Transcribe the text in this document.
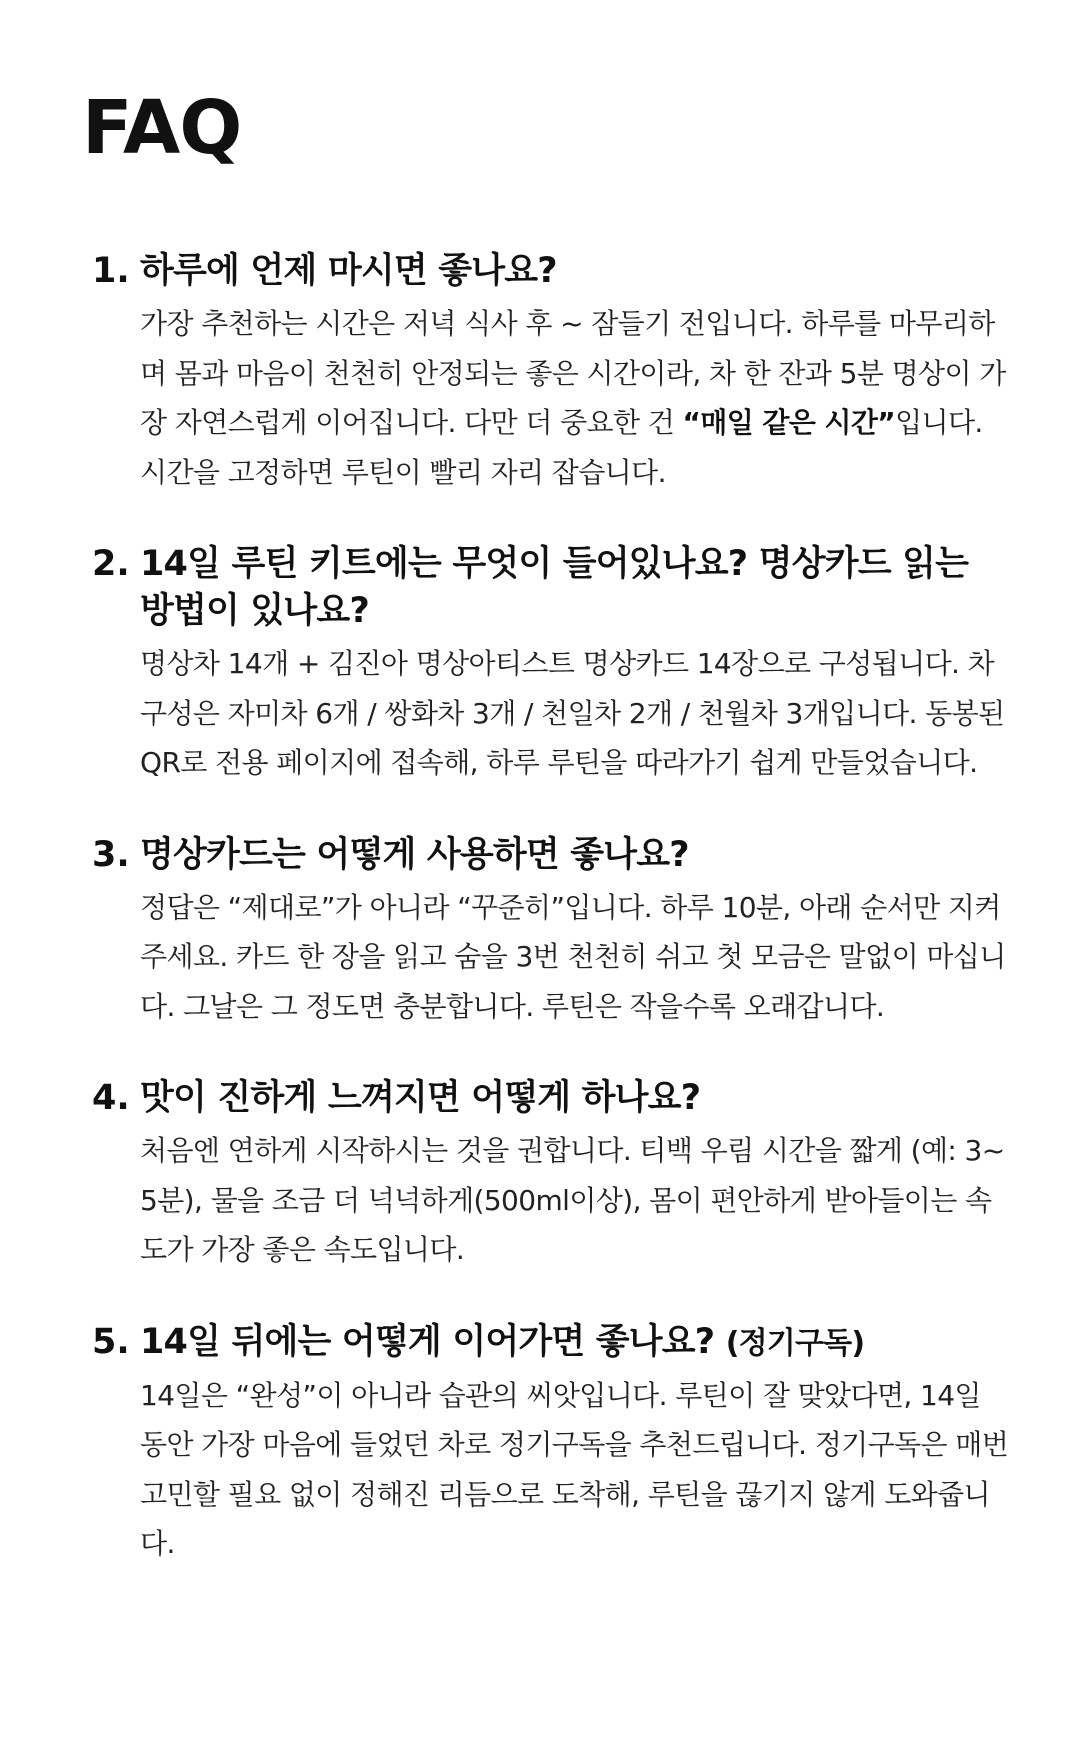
FAQ
1. 하루에 언제 마시면 좋나요?

가장 추천하는 시간은 저녁 식사 후 ~ 잠들기 전입니다. 하루를 마무리하며 몸과 마음이 천천히 안정되는 좋은 시간이라, 차 한 잔과 5분 명상이 가장 자연스럽게 이어집니다. 다만 더 중요한 건 “매일 같은 시간”입니다. 시간을 고정하면 루틴이 빨리 자리 잡습니다.

2. 14일 루틴 키트에는 무엇이 들어있나요? 명상카드 읽는 방법이 있나요?

명상차 14개 + 김진아 명상아티스트 명상카드 14장으로 구성됩니다. 차 구성은 자미차 6개 / 쌍화차 3개 / 천일차 2개 / 천월차 3개입니다. 동봉된 QR로 전용 페이지에 접속해, 하루 루틴을 따라가기 쉽게 만들었습니다.

3. 명상카드는 어떻게 사용하면 좋나요?

정답은 “제대로”가 아니라 “꾸준히”입니다. 하루 10분, 아래 순서만 지켜주세요. 카드 한 장을 읽고 숨을 3번 천천히 쉬고 첫 모금은 말없이 마십니다. 그날은 그 정도면 충분합니다. 루틴은 작을수록 오래갑니다.

4. 맛이 진하게 느껴지면 어떻게 하나요?

처음엔 연하게 시작하시는 것을 권합니다. 티백 우림 시간을 짧게 (예: 3~5분), 물을 조금 더 넉넉하게(500ml이상), 몸이 편안하게 받아들이는 속도가 가장 좋은 속도입니다.

5. 14일 뒤에는 어떻게 이어가면 좋나요? (정기구독)

14일은 “완성”이 아니라 습관의 씨앗입니다. 루틴이 잘 맞았다면, 14일 동안 가장 마음에 들었던 차로 정기구독을 추천드립니다. 정기구독은 매번 고민할 필요 없이 정해진 리듬으로 도착해, 루틴을 끊기지 않게 도와줍니다.
